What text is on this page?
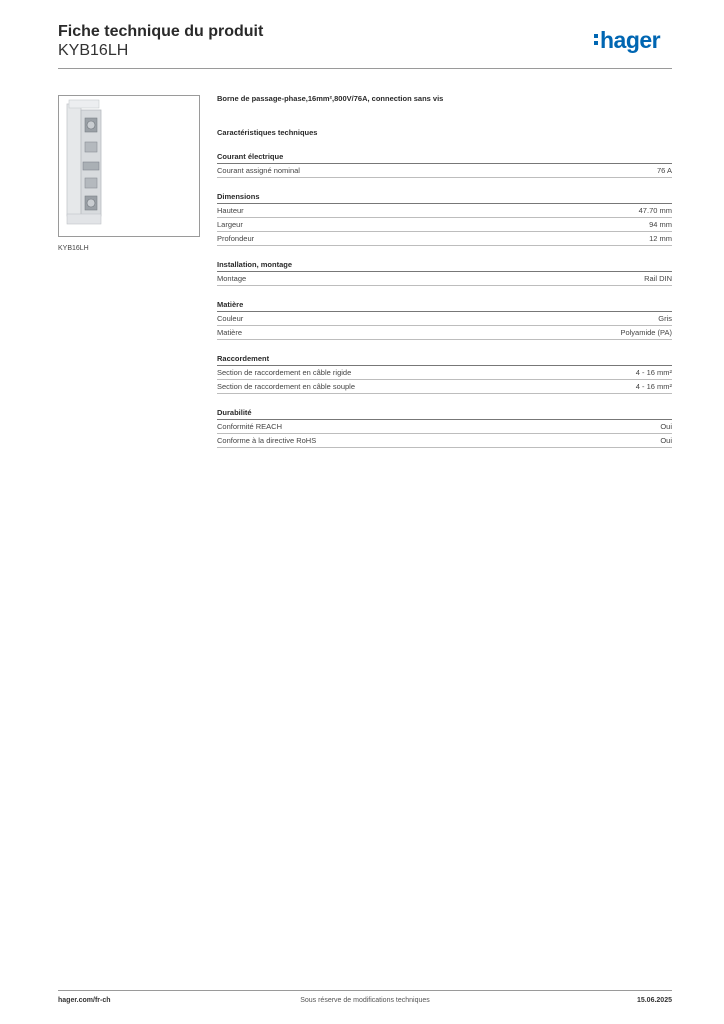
Fiche technique du produit
KYB16LH	hager
KYB16LH
Borne de passage-phase,16mm²,800V/76A, connection sans vis
Caractéristiques techniques
Courant électrique
Courant assigné nominal	76 A
Dimensions
Hauteur	47.70 mm
Largeur	94 mm
Profondeur	12 mm
Installation, montage
Montage	Rail DIN
Matière
Couleur	Gris
Matière	Polyamide (PA)
Raccordement
Section de raccordement en câble rigide	4 - 16 mm²
Section de raccordement en câble souple	4 - 16 mm²
Durabilité
Conformité REACH	Oui
Conforme à la directive RoHS	Oui
hager.com/fr-ch	Sous réserve de modifications techniques	15.06.2025
